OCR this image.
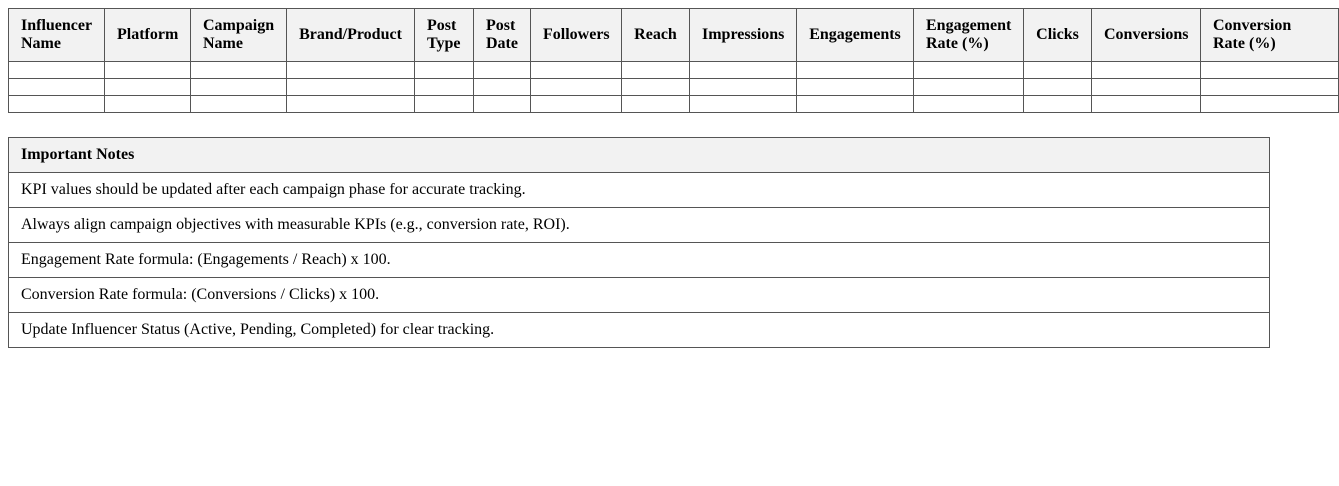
Influencer Name	Platform	Campaign Name	Brand/Product	Post Type	Post Date	Followers	Reach	Impressions	Engagements	Engagement Rate (%)	Clicks	Conversions	Conversion Rate (%)

Important Notes
KPI values should be updated after each campaign phase for accurate tracking.
Always align campaign objectives with measurable KPIs (e.g., conversion rate, ROI).
Engagement Rate formula: (Engagements / Reach) x 100.
Conversion Rate formula: (Conversions / Clicks) x 100.
Update Influencer Status (Active, Pending, Completed) for clear tracking.
